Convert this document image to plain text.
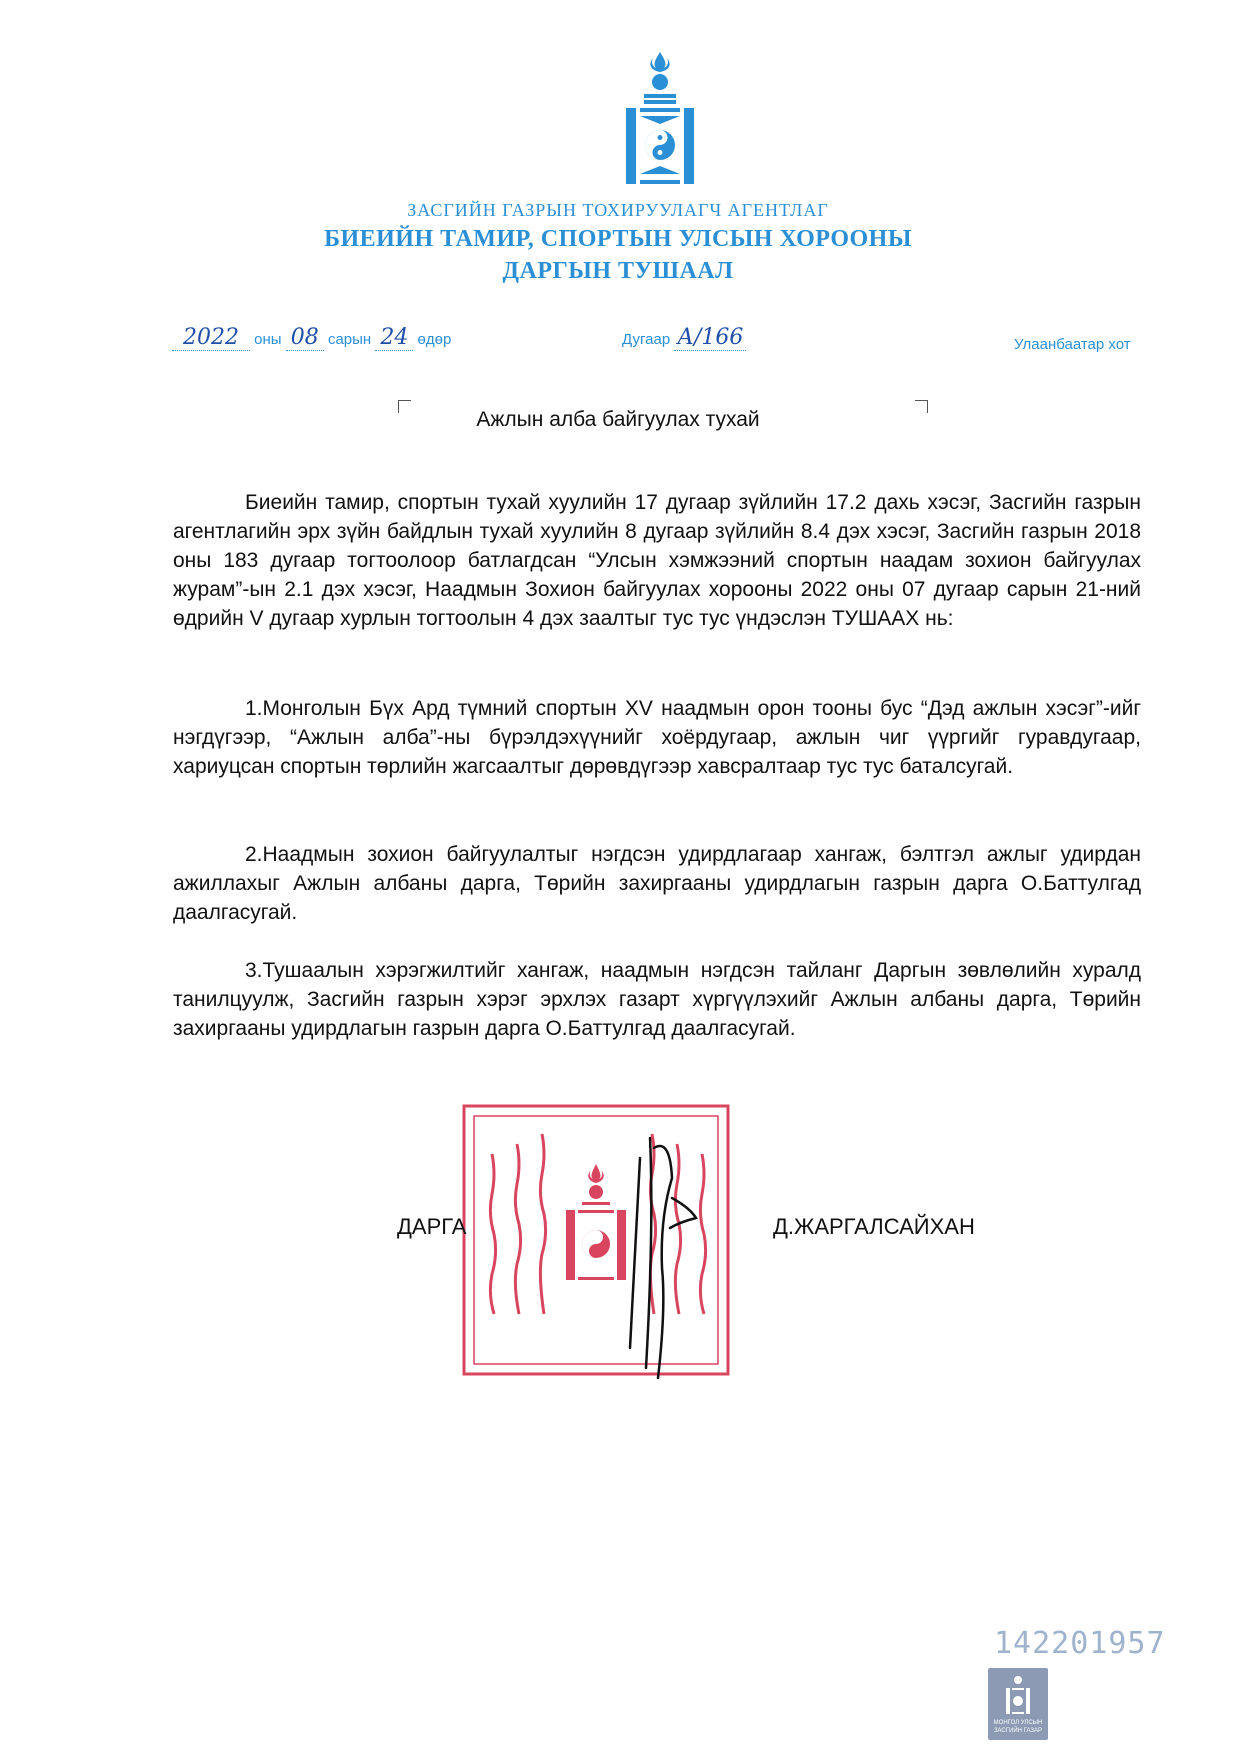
ЗАСГИЙН ГАЗРЫН ТОХИРУУЛАГЧ АГЕНТЛАГ
БИЕИЙН ТАМИР, СПОРТЫН УЛСЫН ХОРООНЫ
ДАРГЫН ТУШААЛ
2022 оны 08 сарын 24 өдөр	Дугаар А/166	Улаанбаатар хот
Ажлын алба байгуулах тухай

Биеийн тамир, спортын тухай хуулийн 17 дугаар зүйлийн 17.2 дахь хэсэг, Засгийн газрын агентлагийн эрх зүйн байдлын тухай хуулийн 8 дугаар зүйлийн 8.4 дэх хэсэг, Засгийн газрын 2018 оны 183 дугаар тогтоолоор батлагдсан “Улсын хэмжээний спортын наадам зохион байгуулах журам”-ын 2.1 дэх хэсэг, Наадмын Зохион байгуулах хорооны 2022 оны 07 дугаар сарын 21-ний өдрийн V дугаар хурлын тогтоолын 4 дэх заалтыг тус тус үндэслэн ТУШААХ нь:

1.Монголын Бүх Ард түмний спортын XV наадмын орон тооны бус “Дэд ажлын хэсэг”-ийг нэгдүгээр, “Ажлын алба”-ны бүрэлдэхүүнийг хоёрдугаар, ажлын чиг үүргийг гуравдугаар, хариуцсан спортын төрлийн жагсаалтыг дөрөвдүгээр хавсралтаар тус тус баталсугай.

2.Наадмын зохион байгуулалтыг нэгдсэн удирдлагаар хангаж, бэлтгэл ажлыг удирдан ажиллахыг Ажлын албаны дарга, Төрийн захиргааны удирдлагын газрын дарга О.Баттулгад даалгасугай.

3.Тушаалын хэрэгжилтийг хангаж, наадмын нэгдсэн тайланг Даргын зөвлөлийн хуралд танилцуулж, Засгийн газрын хэрэг эрхлэх газарт хүргүүлэхийг Ажлын албаны дарга, Төрийн захиргааны удирдлагын газрын дарга О.Баттулгад даалгасугай.

ДАРГА	Д.ЖАРГАЛСАЙХАН
142201957
МОНГОЛ УЛСЫН
ЗАСГИЙН ГАЗАР
